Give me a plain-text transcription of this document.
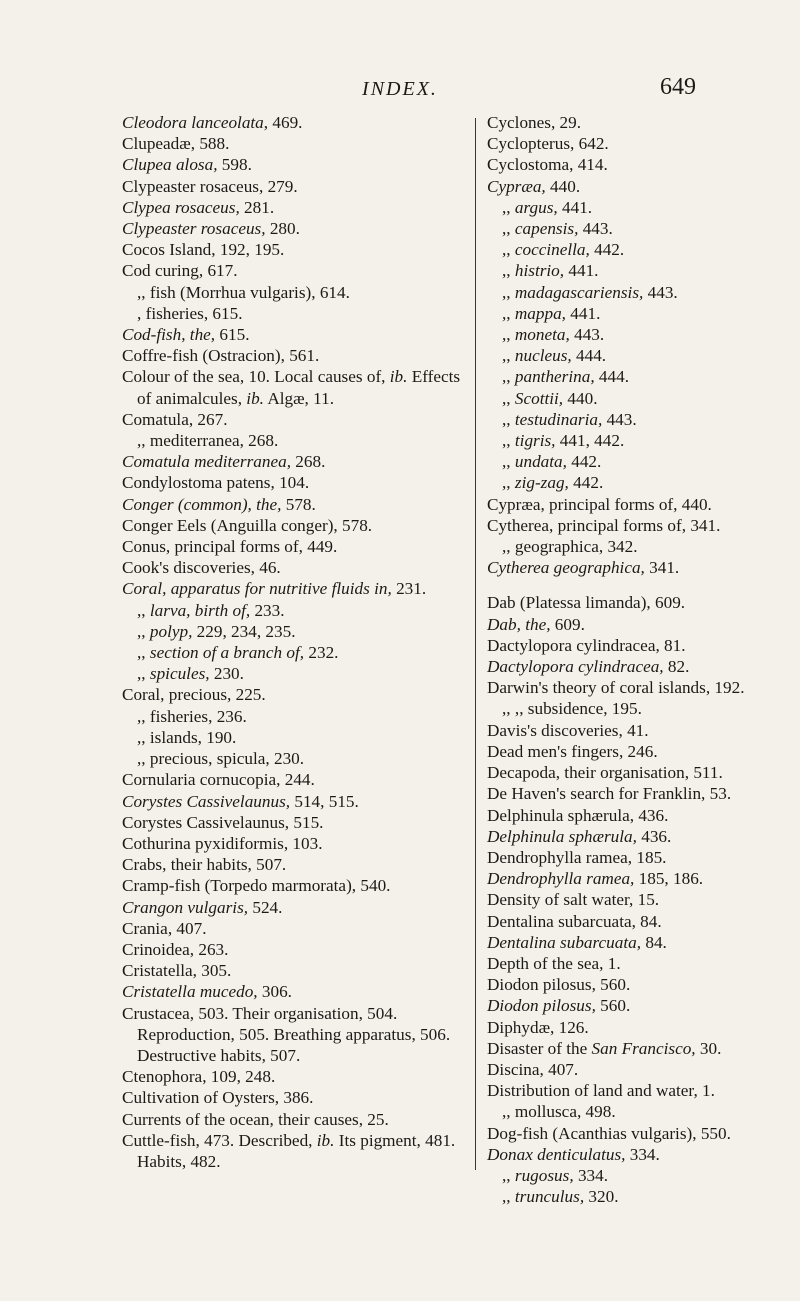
INDEX.	649
Cleodora lanceolata, 469.
Clupeadæ, 588.
Clupea alosa, 598.
Clypeaster rosaceus, 279.
Clypea rosaceus, 281.
Clypeaster rosaceus, 280.
Cocos Island, 192, 195.
Cod curing, 617.
,, fish (Morrhua vulgaris), 614.
, fisheries, 615.
Cod-fish, the, 615.
Coffre-fish (Ostracion), 561.
Colour of the sea, 10. Local causes of, ib. Effects of animalcules, ib. Algæ, 11.
Comatula, 267.
,, mediterranea, 268.
Comatula mediterranea, 268.
Condylostoma patens, 104.
Conger (common), the, 578.
Conger Eels (Anguilla conger), 578.
Conus, principal forms of, 449.
Cook's discoveries, 46.
Coral, apparatus for nutritive fluids in, 231.
,, larva, birth of, 233.
,, polyp, 229, 234, 235.
,, section of a branch of, 232.
,, spicules, 230.
Coral, precious, 225.
,, fisheries, 236.
,, islands, 190.
,, precious, spicula, 230.
Cornularia cornucopia, 244.
Corystes Cassivelaunus, 514, 515.
Corystes Cassivelaunus, 515.
Cothurina pyxidiformis, 103.
Crabs, their habits, 507.
Cramp-fish (Torpedo marmorata), 540.
Crangon vulgaris, 524.
Crania, 407.
Crinoidea, 263.
Cristatella, 305.
Cristatella mucedo, 306.
Crustacea, 503. Their organisation, 504. Reproduction, 505. Breathing apparatus, 506. Destructive habits, 507.
Ctenophora, 109, 248.
Cultivation of Oysters, 386.
Currents of the ocean, their causes, 25.
Cuttle-fish, 473. Described, ib. Its pigment, 481. Habits, 482.
Cyclones, 29.
Cyclopterus, 642.
Cyclostoma, 414.
Cypræa, 440.
,, argus, 441.
,, capensis, 443.
,, coccinella, 442.
,, histrio, 441.
,, madagascariensis, 443.
,, mappa, 441.
,, moneta, 443.
,, nucleus, 444.
,, pantherina, 444.
,, Scottii, 440.
,, testudinaria, 443.
,, tigris, 441, 442.
,, undata, 442.
,, zig-zag, 442.
Cypræa, principal forms of, 440.
Cytherea, principal forms of, 341.
,, geographica, 342.
Cytherea geographica, 341.
Dab (Platessa limanda), 609.
Dab, the, 609.
Dactylopora cylindracea, 81.
Dactylopora cylindracea, 82.
Darwin's theory of coral islands, 192.
,, ,, subsidence, 195.
Davis's discoveries, 41.
Dead men's fingers, 246.
Decapoda, their organisation, 511.
De Haven's search for Franklin, 53.
Delphinula sphærula, 436.
Delphinula sphærula, 436.
Dendrophylla ramea, 185.
Dendrophylla ramea, 185, 186.
Density of salt water, 15.
Dentalina subarcuata, 84.
Dentalina subarcuata, 84.
Depth of the sea, 1.
Diodon pilosus, 560.
Diodon pilosus, 560.
Diphydæ, 126.
Disaster of the San Francisco, 30.
Discina, 407.
Distribution of land and water, 1.
,, mollusca, 498.
Dog-fish (Acanthias vulgaris), 550.
Donax denticulatus, 334.
,, rugosus, 334.
,, trunculus, 320.
